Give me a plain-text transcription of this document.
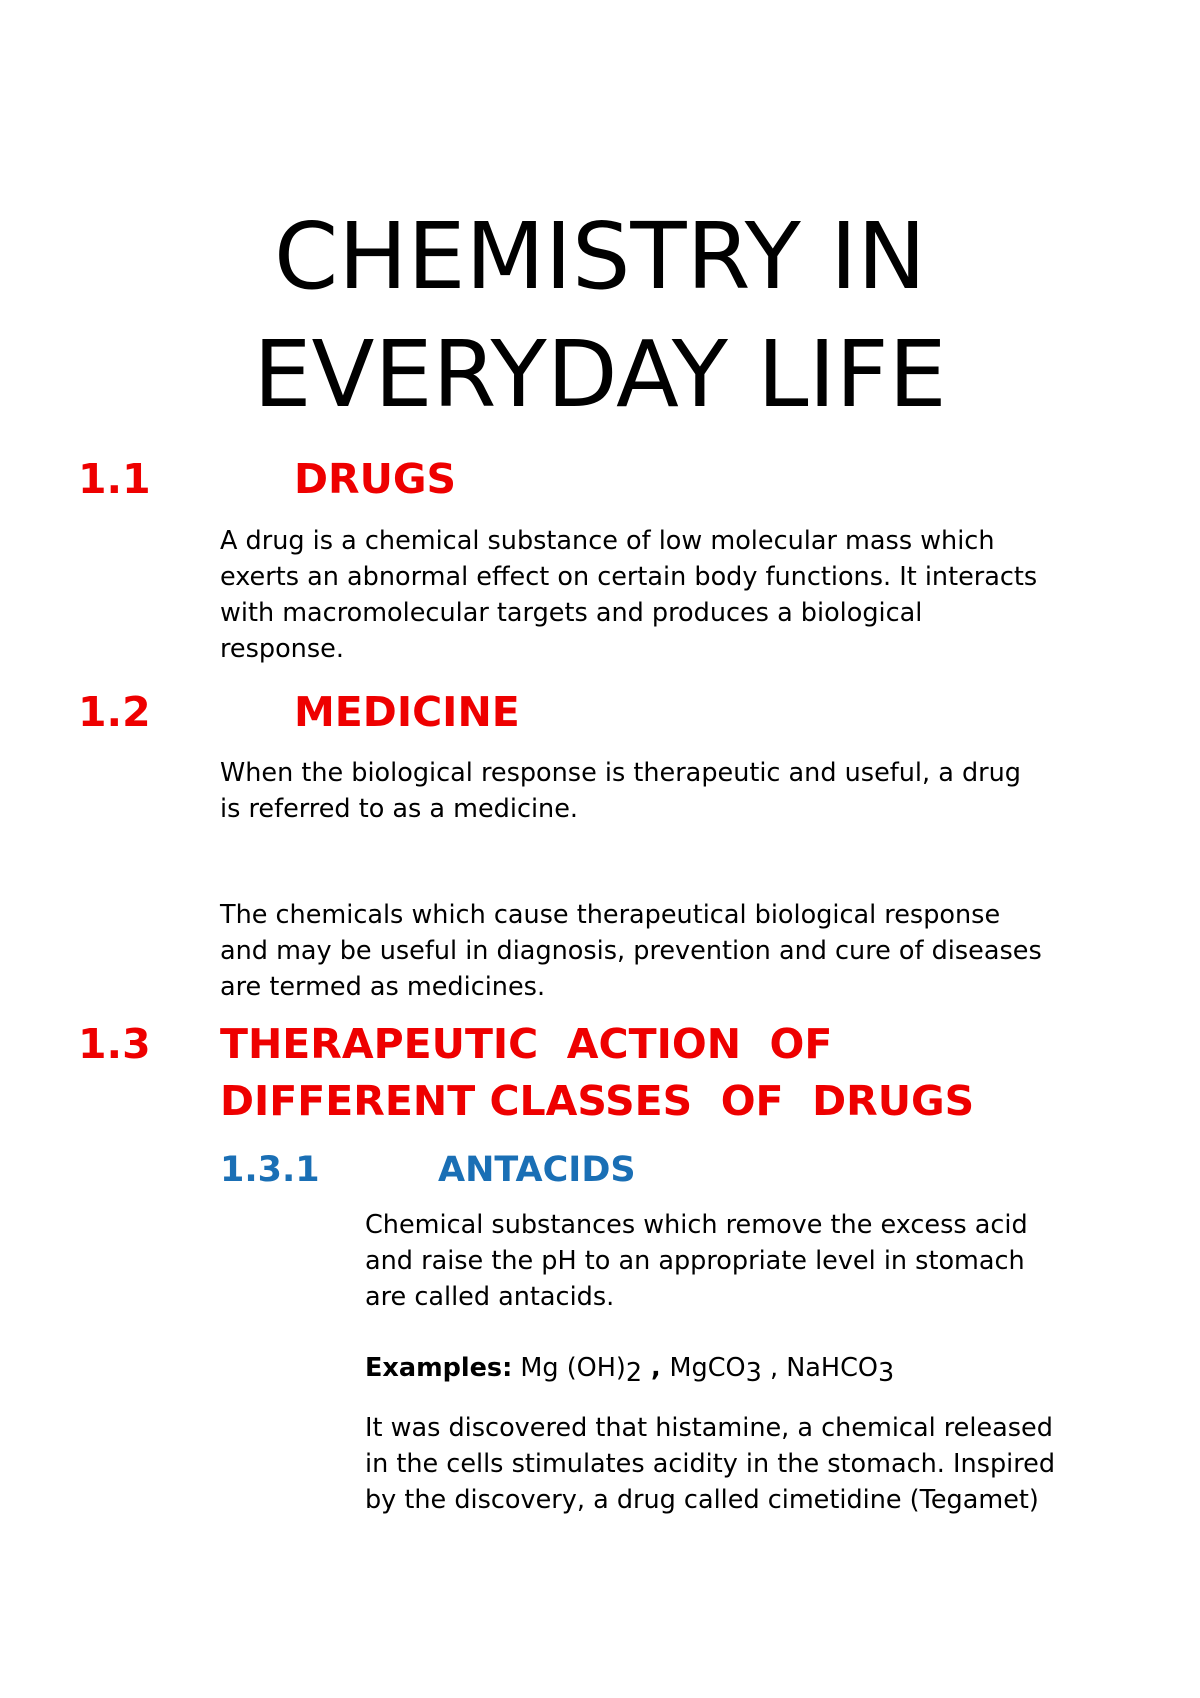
CHEMISTRY IN
EVERYDAY LIFE
1.1	DRUGS
A drug is a chemical substance of low molecular mass which
exerts an abnormal effect on certain body functions. It interacts
with macromolecular targets and produces a biological
response.
1.2	MEDICINE
When the biological response is therapeutic and useful, a drug
is referred to as a medicine.
The chemicals which cause therapeutical biological response
and may be useful in diagnosis, prevention and cure of diseases
are termed as medicines.
1.3 THERAPEUTIC  ACTION  OF
DIFFERENT CLASSES  OF  DRUGS
1.3.1	ANTACIDS
Chemical substances which remove the excess acid
and raise the pH to an appropriate level in stomach
are called antacids.
Examples: Mg $(OH)_2$ , MgCO$_3$ , NaHCO$_3$
It was discovered that histamine, a chemical released
in the cells stimulates acidity in the stomach. Inspired
by the discovery, a drug called cimetidine (Tegamet)
